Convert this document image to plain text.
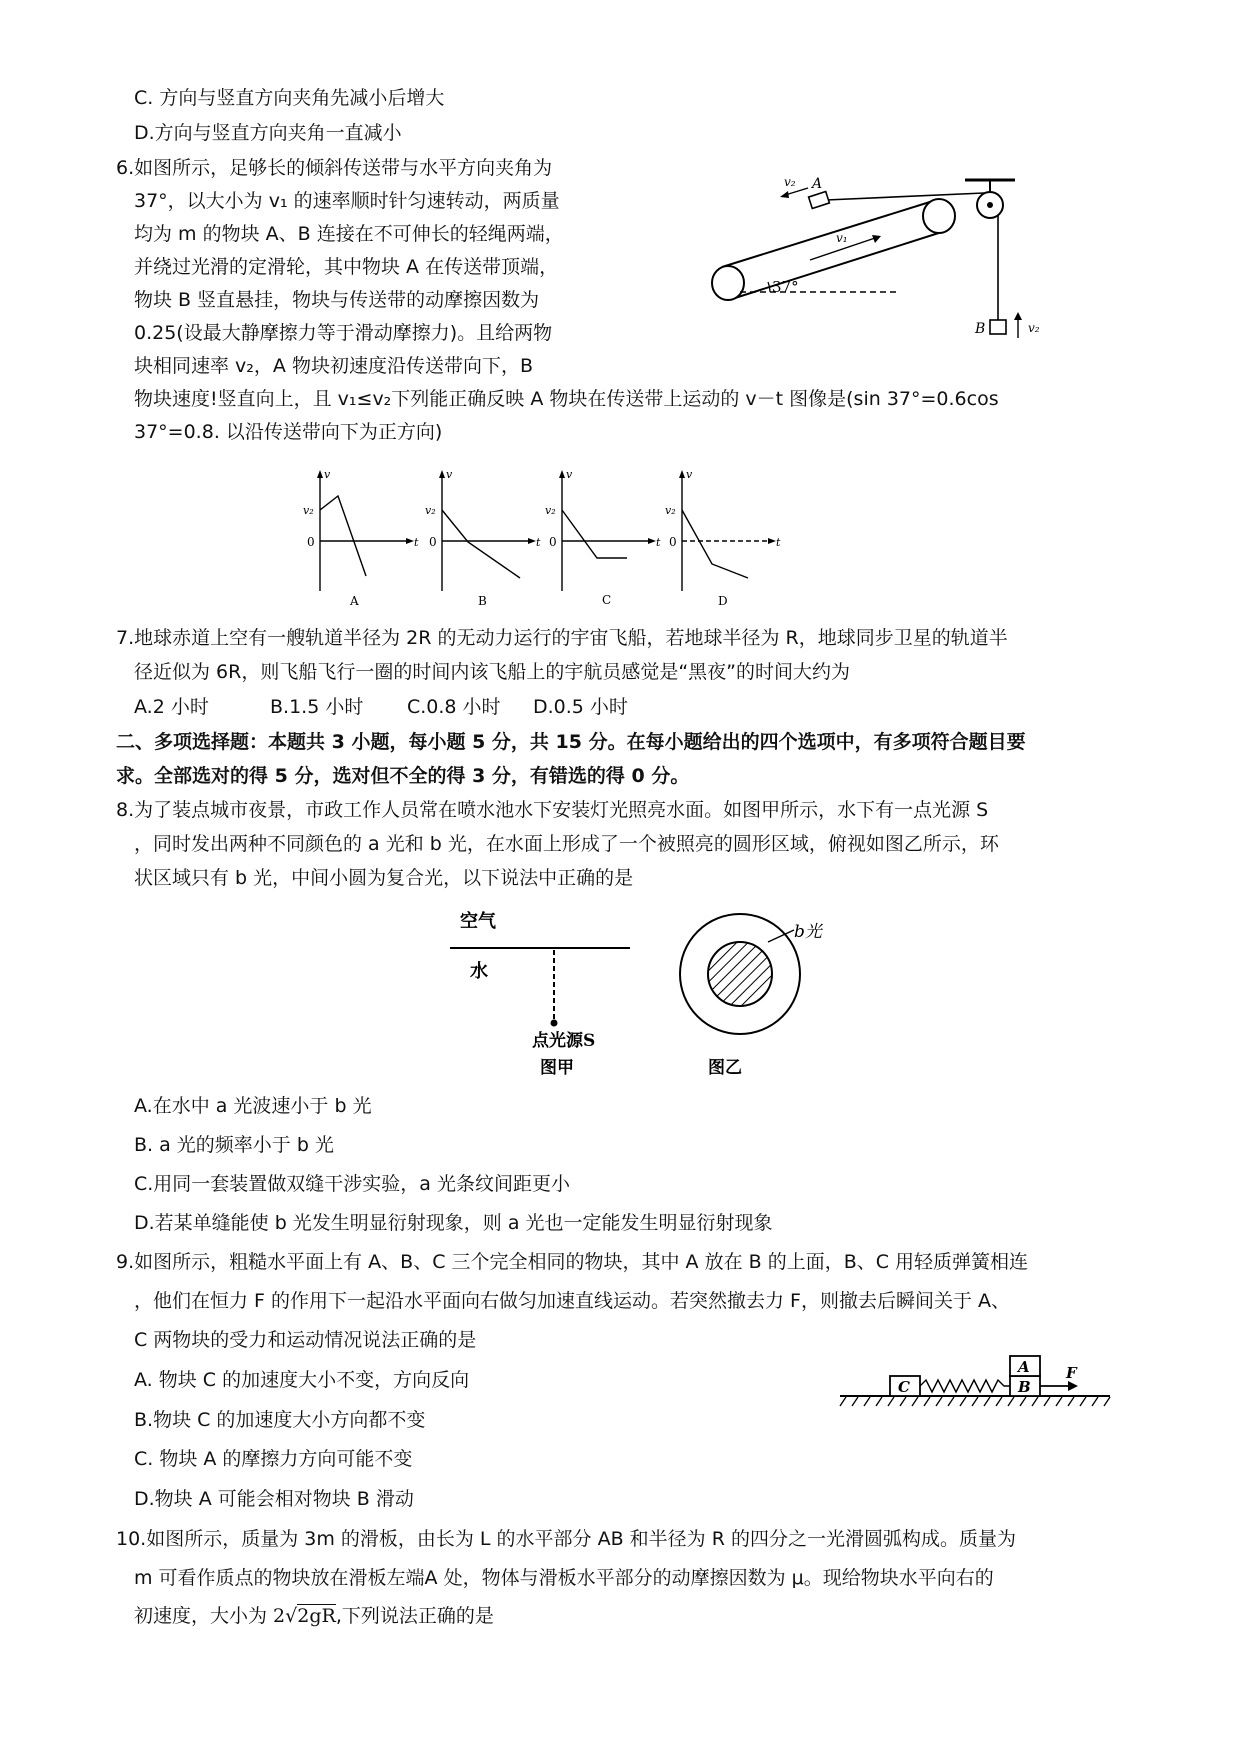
C. 方向与竖直方向夹角先减小后增大
D.方向与竖直方向夹角一直减小
6.如图所示，足够长的倾斜传送带与水平方向夹角为
37°，以大小为 v₁ 的速率顺时针匀速转动，两质量
均为 m 的物块 A、B 连接在不可伸长的轻绳两端，
并绕过光滑的定滑轮，其中物块 A 在传送带顶端，
物块 B 竖直悬挂，物块与传送带的动摩擦因数为
0.25(设最大静摩擦力等于滑动摩擦力)。且给两物
块相同速率 v₂，A 物块初速度沿传送带向下，B
物块速度!竖直向上，且 v₁≤v₂下列能正确反映 A 物块在传送带上运动的 v－t 图像是(sin 37°=0.6cos
37°=0.8. 以沿传送带向下为正方向)
A
v₂
v₁
37°
B	v₂
v
v₂
0	t
A
v
v₂
0	t
B
v
v₂
0	t
C
v
v₂
0	t
D
7.地球赤道上空有一艘轨道半径为 2R 的无动力运行的宇宙飞船，若地球半径为 R，地球同步卫星的轨道半
径近似为 6R，则飞船飞行一圈的时间内该飞船上的宇航员感觉是“黑夜”的时间大约为
A.2 小时	B.1.5 小时 C.0.8 小时 D.0.5 小时
二、多项选择题：本题共 3 小题，每小题 5 分，共 15 分。在每小题给出的四个选项中，有多项符合题目要
求。全部选对的得 5 分，选对但不全的得 3 分，有错选的得 0 分。
8.为了装点城市夜景，市政工作人员常在喷水池水下安装灯光照亮水面。如图甲所示，水下有一点光源 S
，同时发出两种不同颜色的 a 光和 b 光，在水面上形成了一个被照亮的圆形区域，俯视如图乙所示，环
状区域只有 b 光，中间小圆为复合光，以下说法中正确的是
空气
水
点光源S
图甲
b光
图乙
A.在水中 a 光波速小于 b 光
B. a 光的频率小于 b 光
C.用同一套装置做双缝干涉实验，a 光条纹间距更小
D.若某单缝能使 b 光发生明显衍射现象，则 a 光也一定能发生明显衍射现象
9.如图所示，粗糙水平面上有 A、B、C 三个完全相同的物块，其中 A 放在 B 的上面，B、C 用轻质弹簧相连
，他们在恒力 F 的作用下一起沿水平面向右做匀加速直线运动。若突然撤去力 F，则撤去后瞬间关于 A、
C 两物块的受力和运动情况说法正确的是
A. 物块 C 的加速度大小不变，方向反向
B.物块 C 的加速度大小方向都不变
C. 物块 A 的摩擦力方向可能不变
D.物块 A 可能会相对物块 B 滑动
C	B
A F
10.如图所示，质量为 3m 的滑板，由长为 L 的水平部分 AB 和半径为 R 的四分之一光滑圆弧构成。质量为
m 可看作质点的物块放在滑板左端A 处，物体与滑板水平部分的动摩擦因数为 μ。现给物块水平向右的
初速度，大小为 2√2gR,下列说法正确的是
